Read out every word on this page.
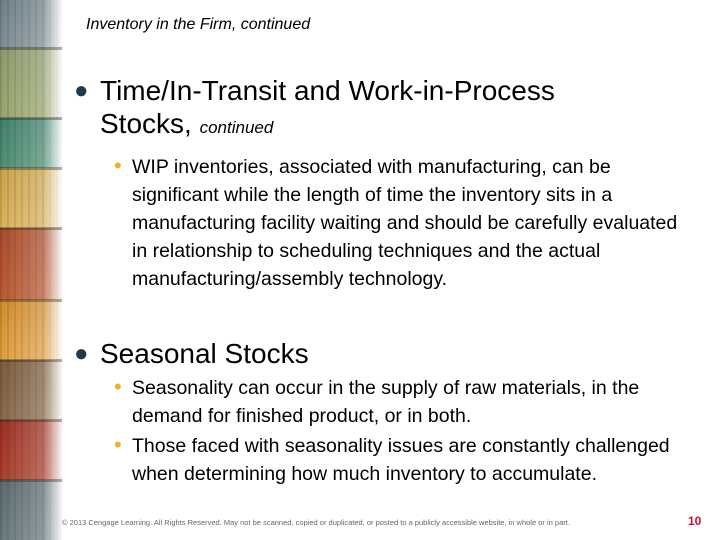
Inventory in the Firm, continued
● Time/In-Transit and Work-in-Process Stocks, continued
• WIP inventories, associated with manufacturing, can be significant while the length of time the inventory sits in a manufacturing facility waiting and should be carefully evaluated in relationship to scheduling techniques and the actual manufacturing/assembly technology.
● Seasonal Stocks
• Seasonality can occur in the supply of raw materials, in the demand for finished product, or in both.
• Those faced with seasonality issues are constantly challenged when determining how much inventory to accumulate.
© 2013 Cengage Learning. All Rights Reserved. May not be scanned, copied or duplicated, or posted to a publicly accessible website, in whole or in part.	10
